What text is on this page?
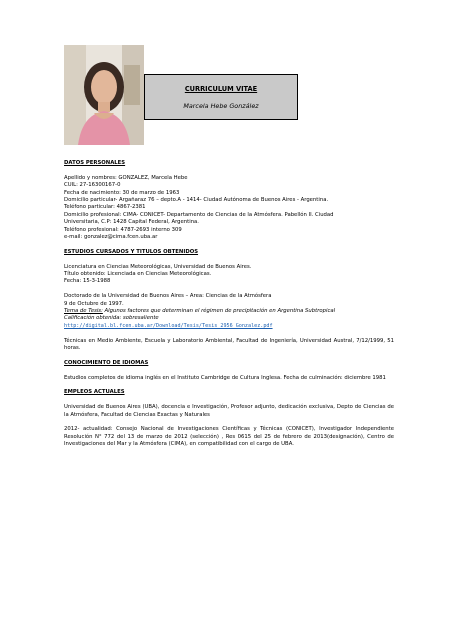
CURRICULUM VITAE
Marcela Hebe González

DATOS PERSONALES

Apellido y nombres: GONZALEZ, Marcela Hebe

CUIL: 27-16300167-0

Fecha de nacimiento: 30 de marzo de 1963

Domicilio particular- Argañaraz 76 – depto.A - 1414- Ciudad Autónoma de Buenos Aires - Argentina.

Teléfono particular: 4867-2381

Domicilio profesional: CIMA- CONICET- Departamento de Ciencias de la Atmósfera. Pabellón II. Ciudad

Universitaria, C.P: 1428 Capital Federal, Argentina.

Teléfono profesional: 4787-2693 interno 309

e-mail: gonzalez@cima.fcen.uba.ar

ESTUDIOS CURSADOS Y TITULOS OBTENIDOS

Licenciatura en Ciencias Meteorológicas, Universidad de Buenos Aires.

Título obtenido: Licenciada en Ciencias Meteorológicas.

Fecha: 15-3-1988

Doctorado de la Universidad de Buenos Aires – Area: Ciencias de la Atmósfera

9 de Octubre de 1997.

Tema de Tesis: Algunos factores que determinan el régimen de precipitación en Argentina Subtropical

Calificación obtenida: sobresaliente

http://digital.bl.fcen.uba.ar/Download/Tesis/Tesis_2956_Gonzalez.pdf

Técnicas en Medio Ambiente, Escuela y Laboratorio Ambiental, Facultad de Ingeniería, Universidad Austral, 7/12/1999, 51 horas.

CONOCIMIENTO DE IDIOMAS

Estudios completos de idioma inglés en el Instituto Cambridge de Cultura Inglesa. Fecha de culminación: diciembre 1981

EMPLEOS ACTUALES

Universidad de Buenos Aires (UBA), docencia e Investigación, Profesor adjunto, dedicación exclusiva, Depto de Ciencias de la Atmósfera, Facultad de Ciencias Exactas y Naturales

2012- actualidad: Consejo Nacional de Investigaciones Científicas y Técnicas (CONICET), Investigador Independiente Resolución N° 772 del 13 de marzo de 2012 (selección) , Res 0615 del 25 de febrero de 2013(designación), Centro de Investigaciones del Mar y la Atmósfera (CIMA), en compatibilidad con el cargo de UBA.
